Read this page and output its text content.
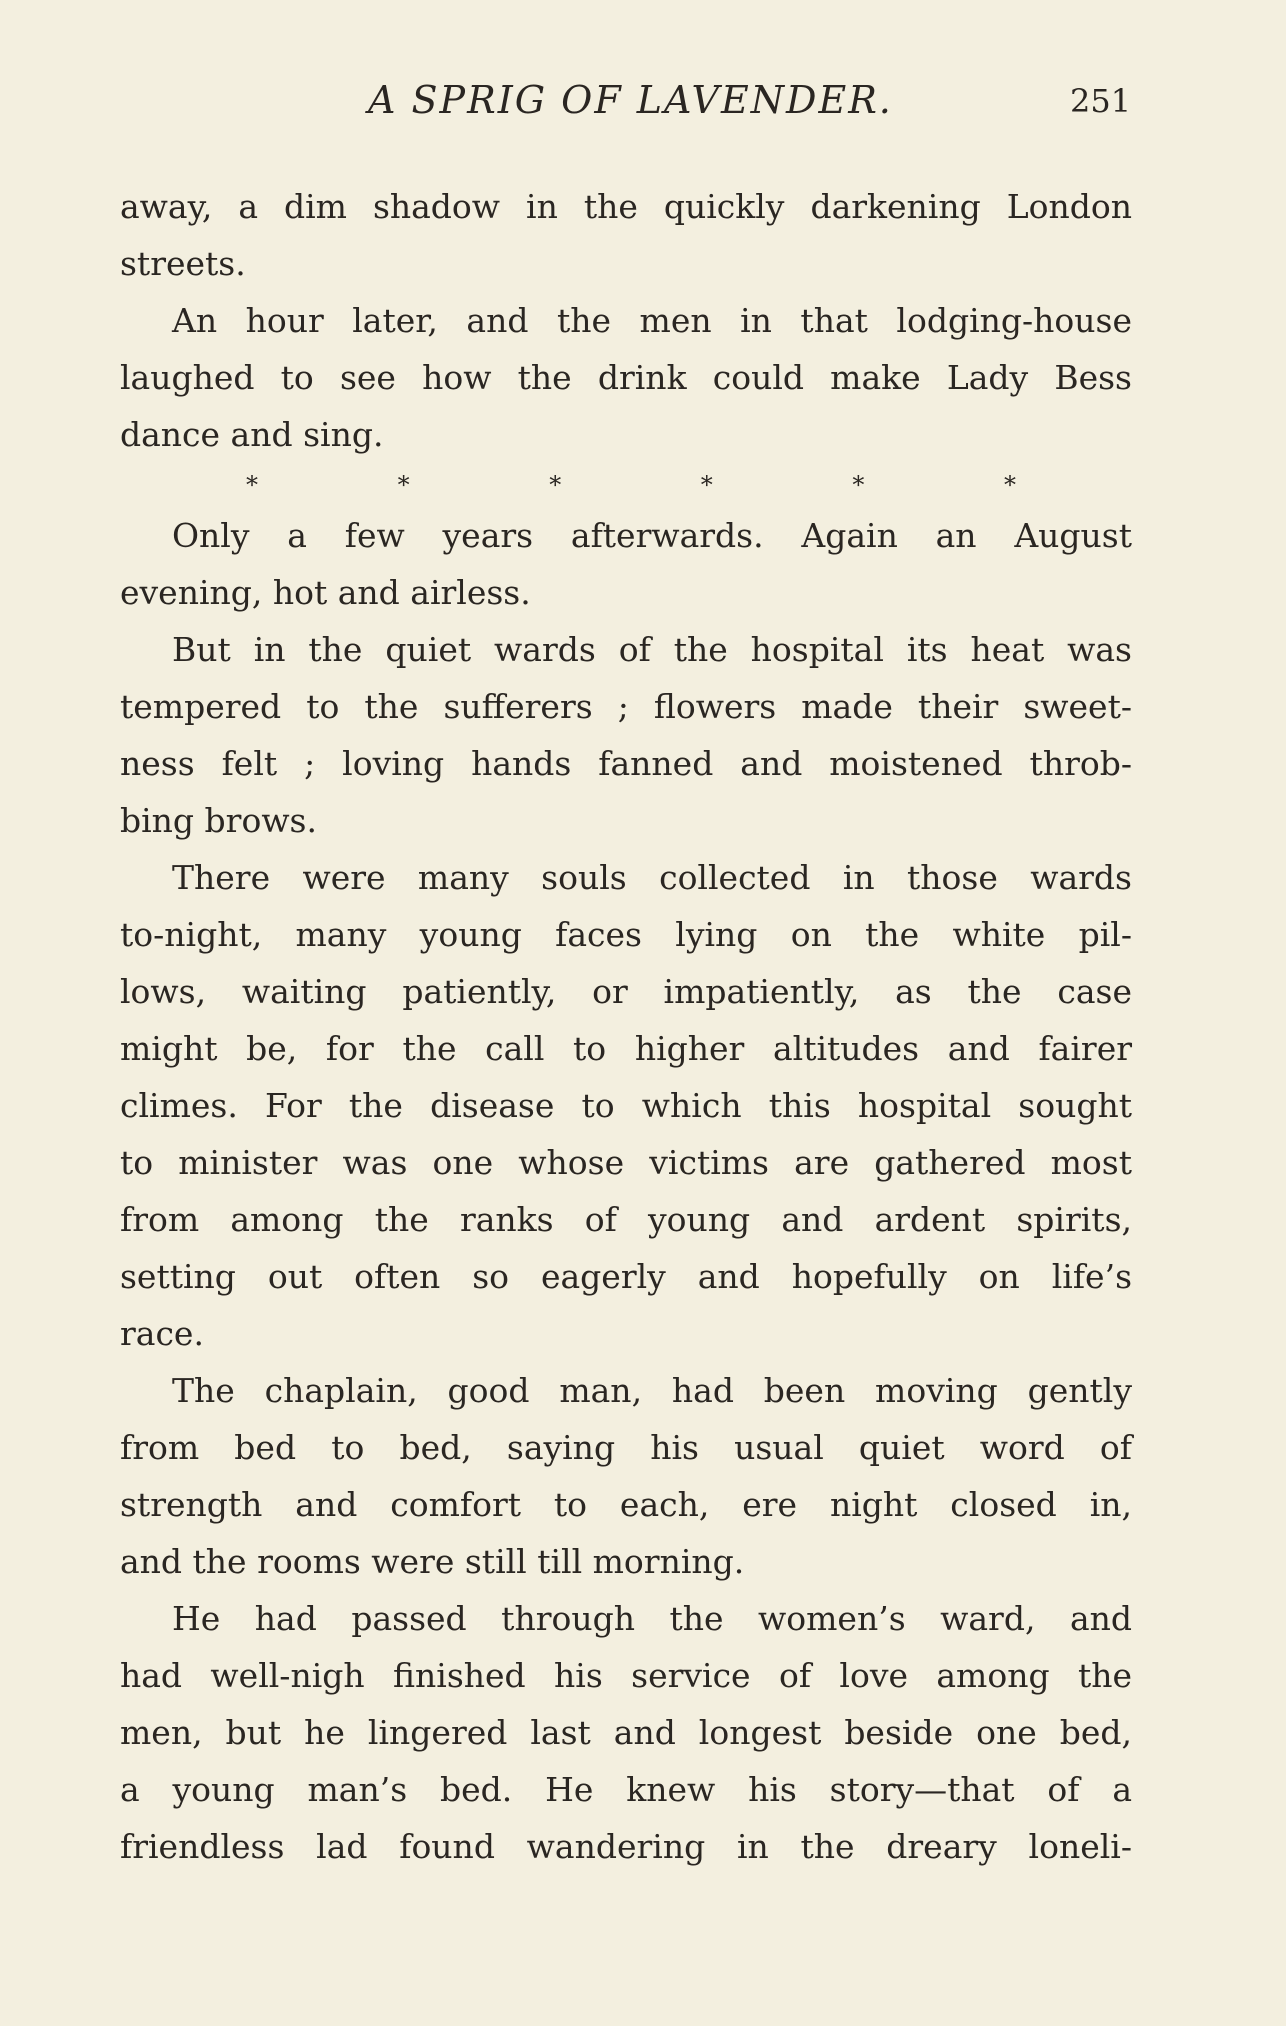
A SPRIG OF LAVENDER.	251
away, a dim shadow in the quickly darkening London
streets.
An hour later, and the men in that lodging-house
laughed to see how the drink could make Lady Bess
dance and sing.
*	*	*	*	*	*
Only a few years afterwards. Again an August
evening, hot and airless.
But in the quiet wards of the hospital its heat was
tempered to the sufferers ; flowers made their sweet-
ness felt ; loving hands fanned and moistened throb-
bing brows.
There were many souls collected in those wards
to-night, many young faces lying on the white pil-
lows, waiting patiently, or impatiently, as the case
might be, for the call to higher altitudes and fairer
climes. For the disease to which this hospital sought
to minister was one whose victims are gathered most
from among the ranks of young and ardent spirits,
setting out often so eagerly and hopefully on life’s
race.
The chaplain, good man, had been moving gently
from bed to bed, saying his usual quiet word of
strength and comfort to each, ere night closed in,
and the rooms were still till morning.
He had passed through the women’s ward, and
had well-nigh finished his service of love among the
men, but he lingered last and longest beside one bed,
a young man’s bed. He knew his story—that of a
friendless lad found wandering in the dreary loneli-
